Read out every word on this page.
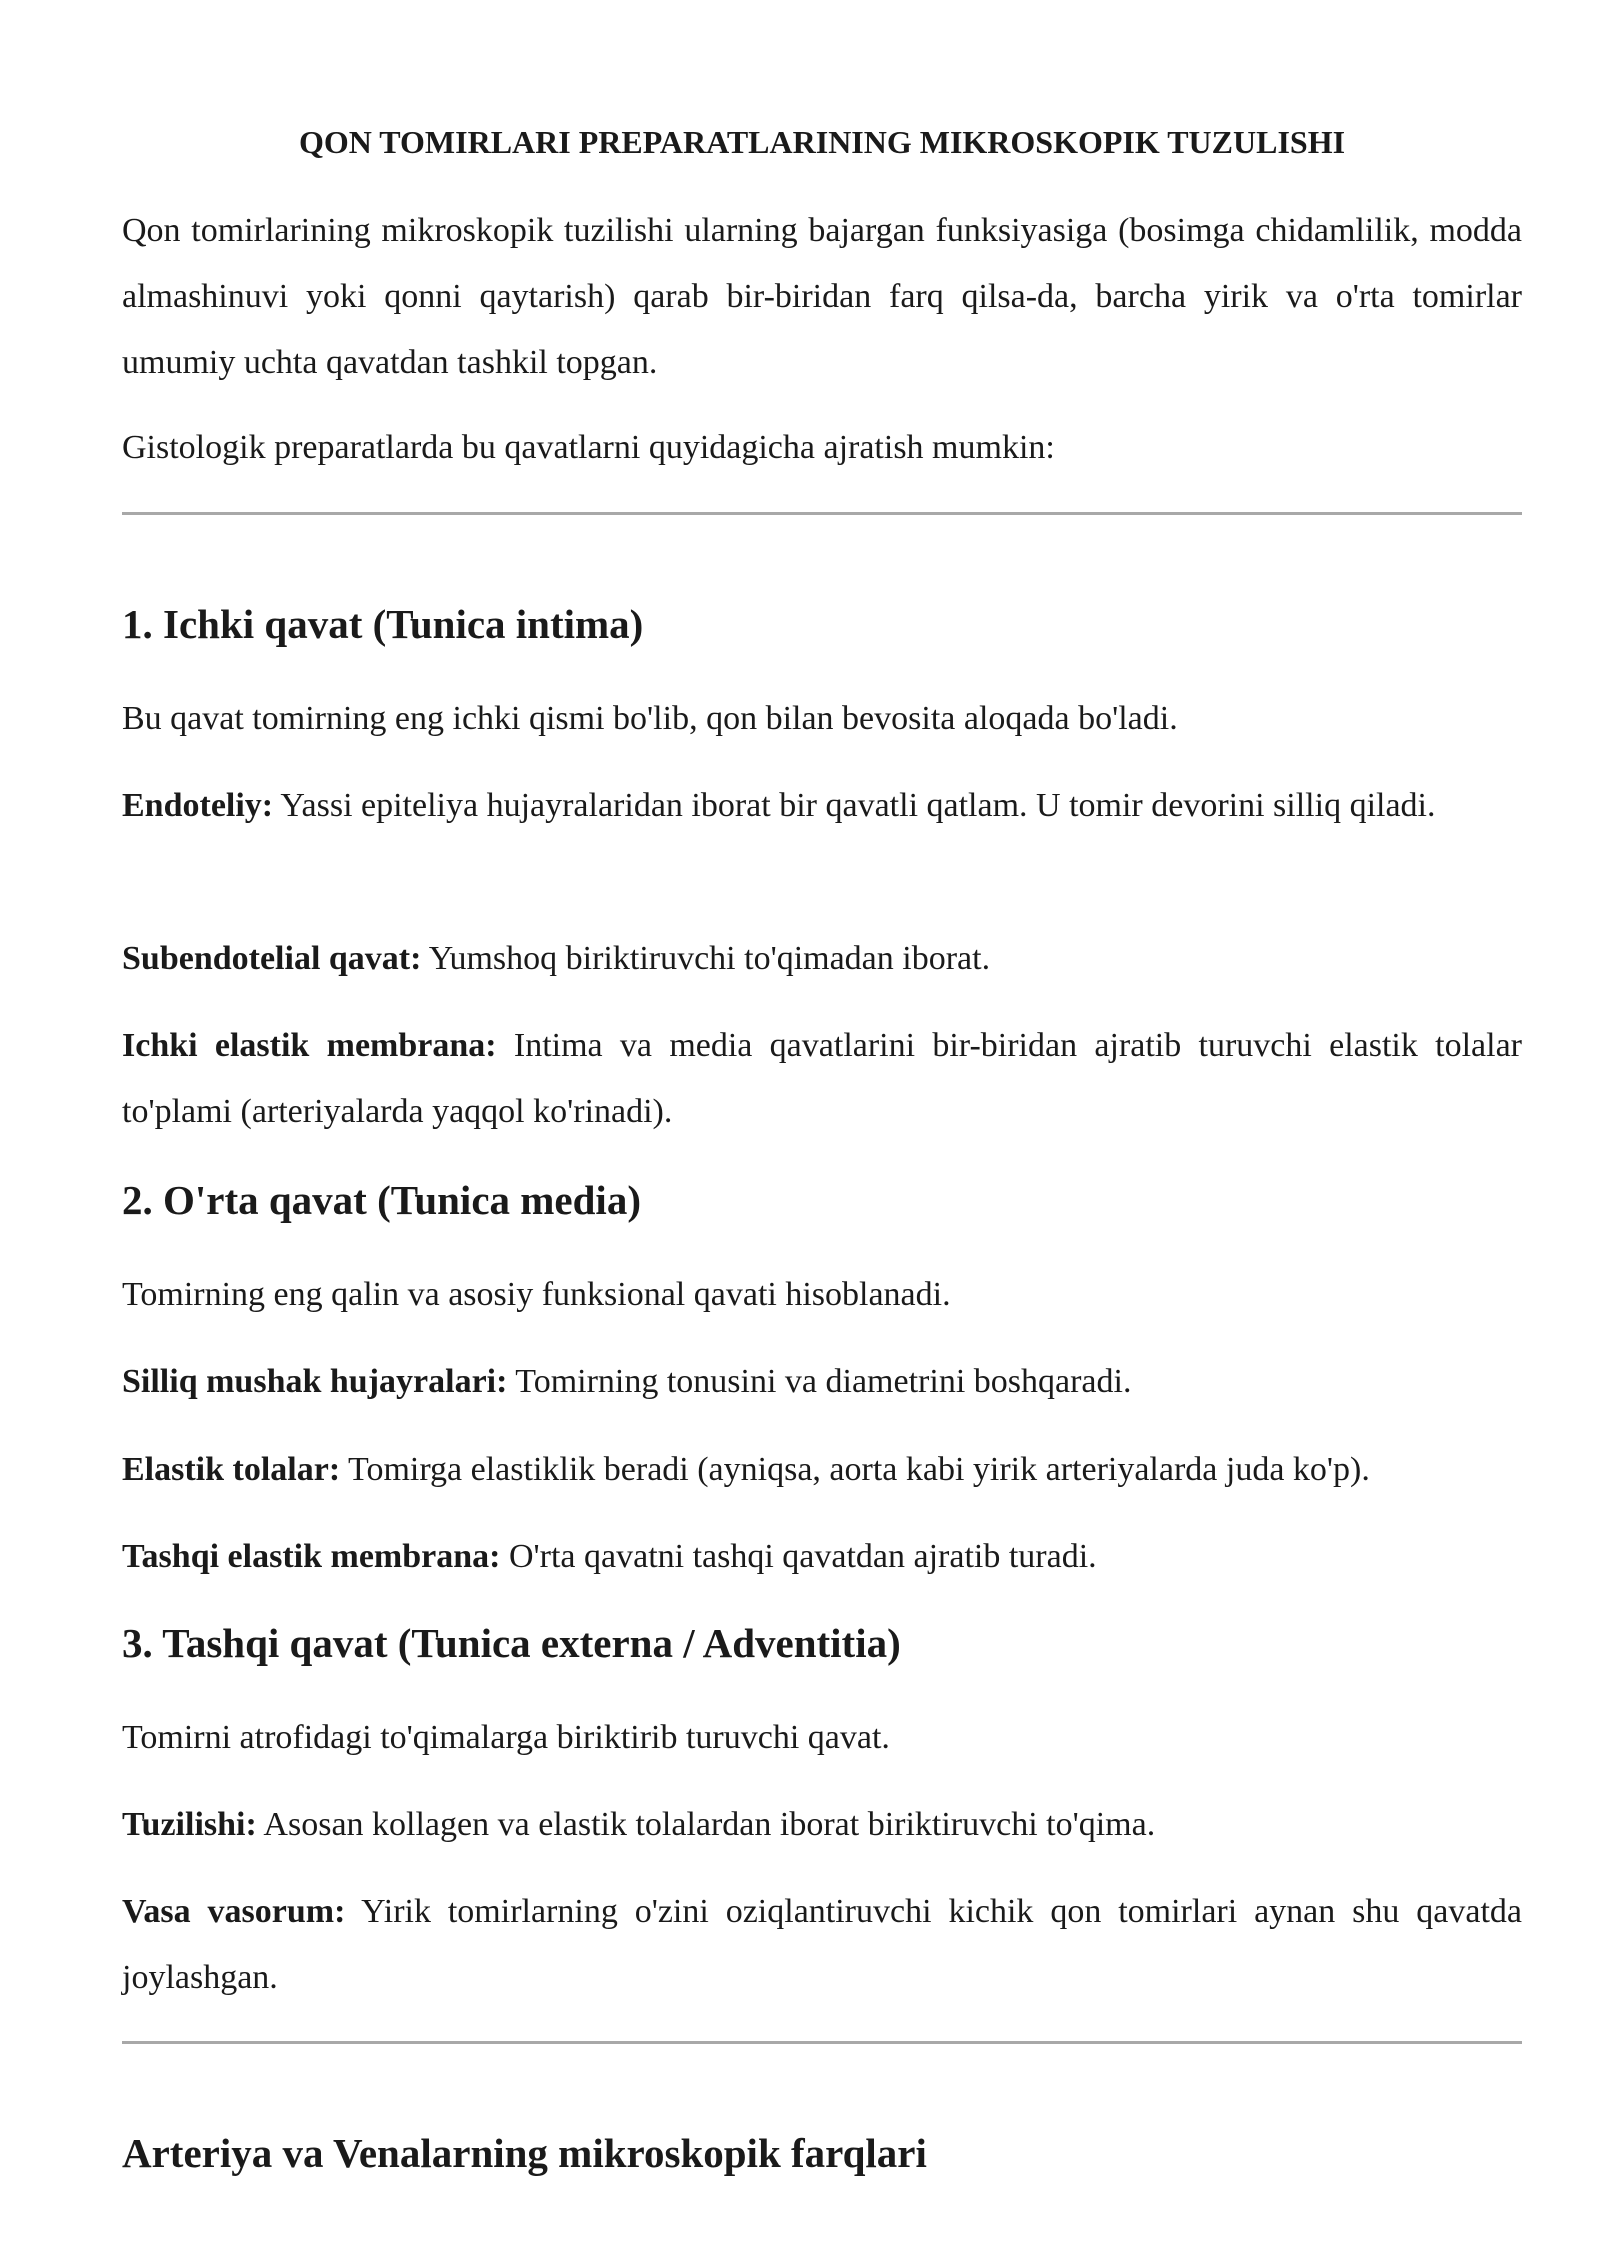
QON TOMIRLARI PREPARATLARINING MIKROSKOPIK TUZULISHI

Qon tomirlarining mikroskopik tuzilishi ularning bajargan funksiyasiga (bosimga chidamlilik, modda almashinuvi yoki qonni qaytarish) qarab bir-biridan farq qilsa-da, barcha yirik va o'rta tomirlar umumiy uchta qavatdan tashkil topgan.

Gistologik preparatlarda bu qavatlarni quyidagicha ajratish mumkin:

1. Ichki qavat (Tunica intima)

Bu qavat tomirning eng ichki qismi bo'lib, qon bilan bevosita aloqada bo'ladi.

Endoteliy: Yassi epiteliya hujayralaridan iborat bir qavatli qatlam. U tomir devorini silliq qiladi.

Subendotelial qavat: Yumshoq biriktiruvchi to'qimadan iborat.

Ichki elastik membrana: Intima va media qavatlarini bir-biridan ajratib turuvchi elastik tolalar to'plami (arteriyalarda yaqqol ko'rinadi).

2. O'rta qavat (Tunica media)

Tomirning eng qalin va asosiy funksional qavati hisoblanadi.

Silliq mushak hujayralari: Tomirning tonusini va diametrini boshqaradi.

Elastik tolalar: Tomirga elastiklik beradi (ayniqsa, aorta kabi yirik arteriyalarda juda ko'p).

Tashqi elastik membrana: O'rta qavatni tashqi qavatdan ajratib turadi.

3. Tashqi qavat (Tunica externa / Adventitia)

Tomirni atrofidagi to'qimalarga biriktirib turuvchi qavat.

Tuzilishi: Asosan kollagen va elastik tolalardan iborat biriktiruvchi to'qima.

Vasa vasorum: Yirik tomirlarning o'zini oziqlantiruvchi kichik qon tomirlari aynan shu qavatda joylashgan.

Arteriya va Venalarning mikroskopik farqlari
